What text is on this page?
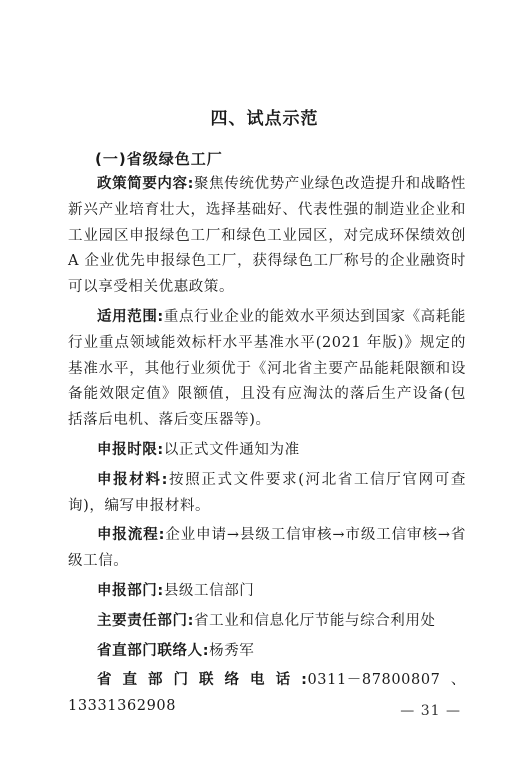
四、试点示范
(一)省级绿色工厂

政策简要内容:聚焦传统优势产业绿色改造提升和战略性新兴产业培育壮大，选择基础好、代表性强的制造业企业和工业园区申报绿色工厂和绿色工业园区，对完成环保绩效创 A 企业优先申报绿色工厂，获得绿色工厂称号的企业融资时可以享受相关优惠政策。

适用范围:重点行业企业的能效水平须达到国家《高耗能行业重点领域能效标杆水平基准水平(2021 年版)》规定的基准水平，其他行业须优于《河北省主要产品能耗限额和设备能效限定值》限额值，且没有应淘汰的落后生产设备(包括落后电机、落后变压器等)。

申报时限:以正式文件通知为准

申报材料:按照正式文件要求(河北省工信厅官网可查询)，编写申报材料。

申报流程:企业申请→县级工信审核→市级工信审核→省级工信。

申报部门:县级工信部门

主要责任部门:省工业和信息化厅节能与综合利用处

省直部门联络人:杨秀军

省直部门联络电话:0311－87800807、13331362908	— 31 —
